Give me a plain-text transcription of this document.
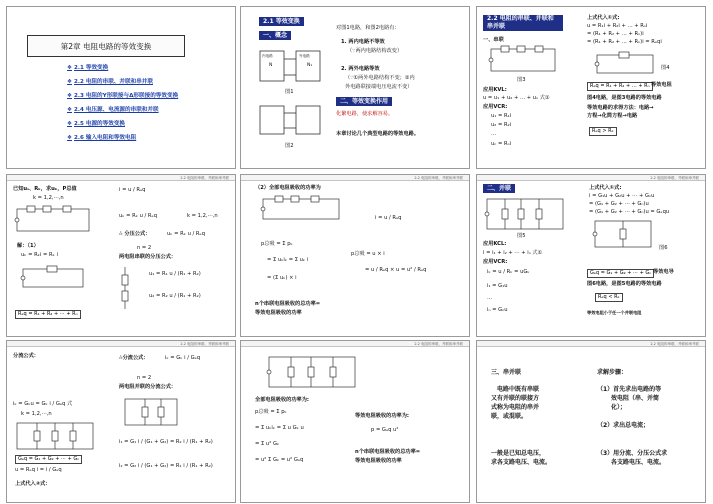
第2章 电阻电路的等效变换
❖ 2.1 等效变换
❖ 2.2 电阻的串联、并联和串并联
❖ 2.3 电阻的Y形联接与Δ形联接的等效变换
❖ 2.4 电压源、电流源的串联和并联
❖ 2.5 电源的等效变换
❖ 2.6 输入电阻和等效电阻
2.1 等效变换
一、概念
N	N₁
内电路	外电路
图1
图2
对图1电路，和图2电路有：
1. 两内电路不等效
（∵两内电路结构改变）
2. 两外电路等效
（∵①两外电路结构不变；②内
外电路联接端电压电流不变）
二、等效变换作用
化繁电路，使求解容易。
本章讨论几个典型电路的等效电路。
2.2 电阻的串联、并联和串并联
一、串联
图3
应用KVL:
u = u₁ + u₂ + … + uₙ 式①
应用VCR:
u₁ = R₁i
u₂ = R₂i
…
uₙ = Rₙi
上式代入①式:
u = R₁i + R₂i + … + Rₙi
= (R₁ + R₂ + … + Rₙ)i
= (R₁ + R₂ + … + Rₙ)i = Rₑqi
图4
Rₑq = R₁ + R₂ + … + Rₙ 等效电阻
图4电路，是图3电路的等效电路
等效电路的求得方法：电路→
方程→化简方程→电路
Rₑq > Rₖ
2.2 电阻的串联、并联和串并联
已知uₛ、Rₖ，求uₖ，P总值
k = 1,2,⋯,n
解：（1）
uₖ = Rₖi = Rₖ i
Rₑq = R₁ + R₂ + ⋯ + Rₙ
i = u / Rₑq
uₖ = Rₖ u / Rₑq	k = 1,2,⋯,n
∴ 分压公式：	uₖ = Rₖ u / Rₑq
n = 2
两电阻串联的分压公式：
u₁ = R₁ u / (R₁ + R₂)
u₂ = R₂ u / (R₁ + R₂)
2.2 电阻的串联、并联和串并联
（2）全部电阻吸收的功率为
p总吸 = Σ pₖ
= Σ uₖiₖ = Σ uₖ i
= (Σ uₖ) × i
i = u / Rₑq
p总吸 = u × i
= u / Rₑq × u = u² / Rₑq
n个串联电阻吸收的总功率=
等效电阻吸收的功率
2.2 电阻的串联、并联和串并联
二、并联
图5
应用KCL:
i = i₁ + i₂ + ⋯ + iₙ 式①
应用VCR:
iₖ = u / Rₖ = uGₖ
i₁ = G₁u
…
iₙ = Gₙu
上式代入①式:
i = G₁u + G₂u + ⋯ + Gₙu
= (G₁ + G₂ + ⋯ + Gₙ)u
= (G₁ + G₂ + ⋯ + Gₙ)u = Gₑqu
图6
Gₑq = G₁ + G₂ + ⋯ + Gₙ 等效电导
图6电路，是图5电路的等效电路
Rₑq < Rₖ
等效电阻小于任一个并联电阻
2.2 电阻的串联、并联和串并联
分流公式：
iₖ = Gₖu = Gₖ i / Gₑq 式
k = 1,2,⋯,n
Gₑq = G₁ + G₂ + ⋯ + Gₙ
u = Rₑq i = i / Gₑq
上式代入②式：
∴分流公式：	iₖ = Gₖ i / Gₑq
n = 2
两电阻并联的分流公式：
i₁ = G₁ i / (G₁ + G₂) = R₂ i / (R₁ + R₂)
i₂ = G₂ i / (G₁ + G₂) = R₁ i / (R₁ + R₂)
2.2 电阻的串联、并联和串并联
全部电阻吸收的功率为:
p总吸 = Σ pₖ
= Σ uₖiₖ = Σ u Gₖ u
= Σ u² Gₖ
= u² Σ Gₖ = u² Gₑq
等效电阻吸收的功率为:
p = Gₑq u²
n个串联电阻吸收的总功率=
等效电阻吸收的功率
2.2 电阻的串联、并联和串并联
三、串并联
电路中既有串联
又有并联的联接方
式称为电阻的串并
联，或混联。
一般是已知总电压，
求各支路电压、电流。
求解步骤：
（1）首先求出电路的等
效电阻（串、并简
化）；
（2）求出总电流；
（3）用分流、分压公式求
各支路电压、电流。
